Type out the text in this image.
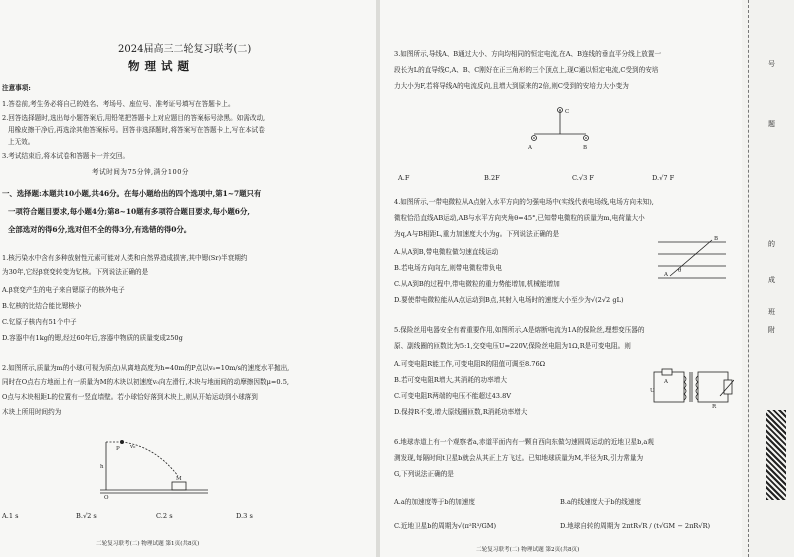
2024届高三二轮复习联考(二)
物理试题
注意事项:
1.答卷前,考生务必将自己的姓名、考场号、座位号、准考证号填写在答题卡上。
2.回答选择题时,选出每小题答案后,用铅笔把答题卡上对应题目的答案标号涂黑。如需改动,
用橡皮擦干净后,再选涂其他答案标号。回答非选择题时,将答案写在答题卡上,写在本试卷
上无效。
3.考试结束后,将本试卷和答题卡一并交回。
考试时间为75分钟,满分100分
一、选择题:本题共10小题,共46分。在每小题给出的四个选项中,第1~7题只有
一项符合题目要求,每小题4分;第8~10题有多项符合题目要求,每小题6分,
全部选对的得6分,选对但不全的得3分,有选错的得0分。
1.核污染水中含有多种放射性元素可能对人类和自然界造成损害,其中锶(Sr)半衰期约
为30年,它经β衰变转变为钇核。下列说法正确的是
A.β衰变产生的电子来自锶原子的核外电子
B.钇核的比结合能比锶核小
C.钇原子核内有51个中子
D.容器中有1kg的锶,经过60年后,容器中物质的质量变成250g
2.如图所示,质量为m的小球(可视为质点)从离地高度为h=40m的P点以v₀=10m/s的速度水平抛出,
同时在O点右方地面上有一质量为M的木块以初速度v₀向左滑行,木块与地面间的动摩擦因数μ=0.5,
O点与木块相距L的位置有一竖直墙壁。若小球恰好落到木块上,则从开始运动到小球落到
木块上所用时间约为
P
h
v₀
O
M
A.1 s	B.√2 s	C.2 s	D.3 s
二轮复习联考(二) 物理试题 第1页(共8页)
3.如图所示,导线A、B通过大小、方向均相同的恒定电流,在A、B连线的垂直平分线上放置一
段长为L的直导线C,A、B、C刚好在正三角形的三个顶点上,现C通以恒定电流,C受到的安培
力大小为F,若将导线A的电流反向,且增大到原来的2倍,则C受到的安培力大小变为
C
A	B
A.F	B.2F	C.√3 F	D.√7 F
4.如图所示,一带电微粒从A点射入水平方向的匀强电场中(实线代表电场线,电场方向未知),
微粒恰沿直线AB运动,AB与水平方向夹角θ=45°,已知带电微粒的质量为m,电荷量大小
为q,A与B相距L,重力加速度大小为g。下列说法正确的是
A.从A到B,带电微粒做匀速直线运动
B.若电场方向向左,则带电微粒带负电
C.从A到B的过程中,带电微粒的重力势能增加,机械能增加
D.要使带电微粒能从A点运动到B点,其射入电场时的速度大小至少为√(2√2 gL)
A
B
θ
5.保险丝用电器安全有着重要作用,如图所示,A是熔断电流为1A的保险丝,理想变压器的
原、副线圈的匝数比为5:1,交变电压U=220V,保险丝电阻为1Ω,R是可变电阻。则
A.可变电阻R能工作,可变电阻R的阻值可调至8.76Ω
B.若可变电阻R增大,其消耗的功率增大
C.可变电阻R两端的电压不能超过43.8V
D.保持R不变,增大原线圈匝数,R消耗功率增大
A
U
R
6.地球赤道上有一个观察者a,赤道平面内有一颗自西向东做匀速圆周运动的近地卫星b,a观
测发现,每隔时间t卫星b就会从其正上方飞过。已知地球质量为M,半径为R,引力常量为
G,下列说法正确的是
A.a的加速度等于b的加速度	B.a的线速度大于b的线速度
C.近地卫星b的周期为√(π²R³/GM)	D.地球自转的周期为 2πtR√R / (t√GM − 2πR√R)
二轮复习联考(二) 物理试题 第2页(共8页)
号
题
的
成
班
附
